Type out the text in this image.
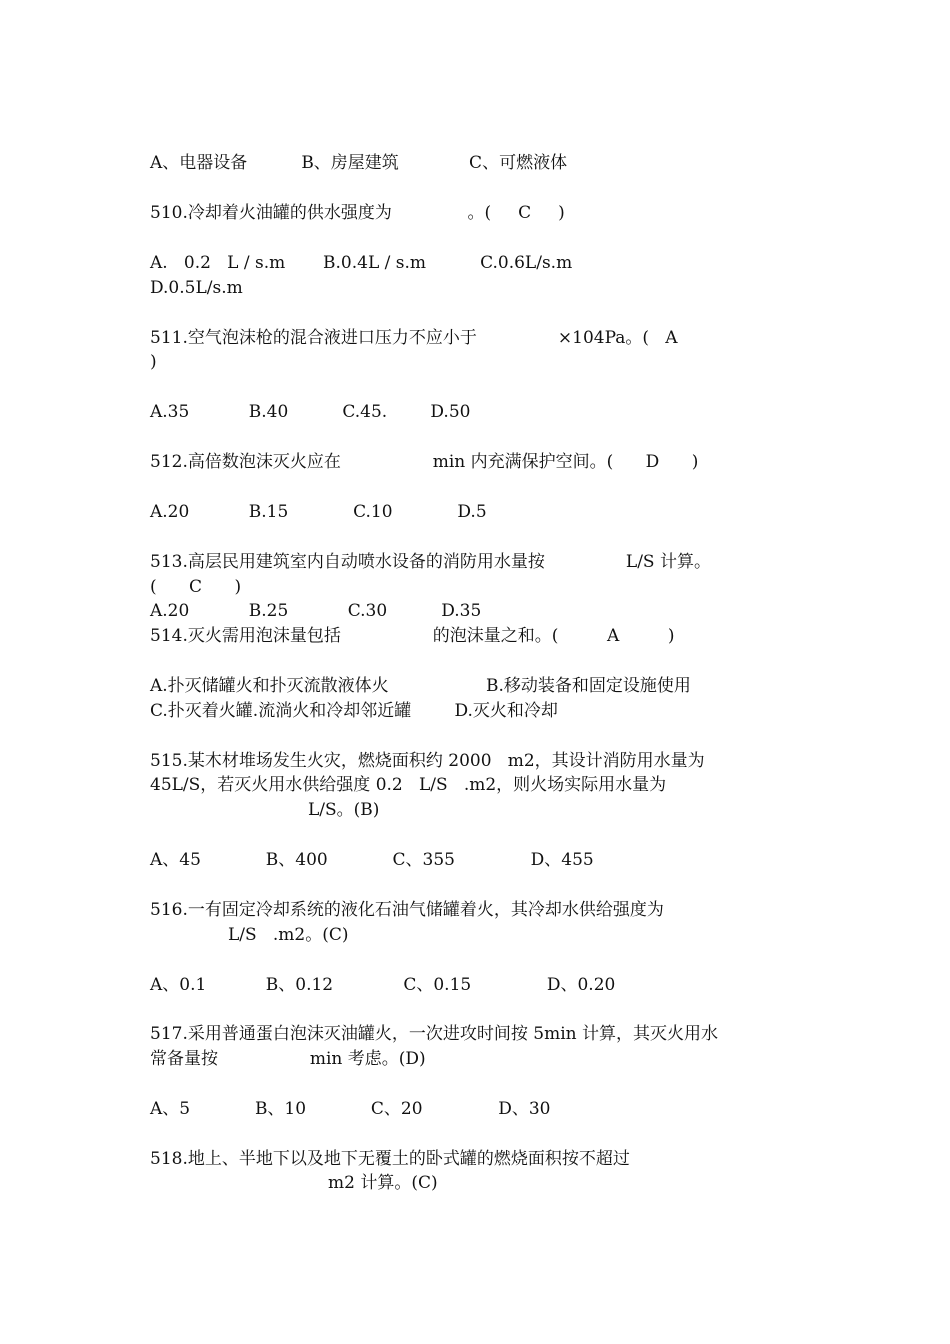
A、电器设备          B、房屋建筑             C、可燃液体
510.冷却着火油罐的供水强度为              。(     C     )
A.   0.2   L / s.m       B.0.4L / s.m          C.0.6L/s.m
D.0.5L/s.m
511.空气泡沫枪的混合液进口压力不应小于               ×104Pa。(   A
)
A.35           B.40          C.45.        D.50
512.高倍数泡沫灭火应在                 min 内充满保护空间。(      D      )
A.20           B.15            C.10            D.5
513.高层民用建筑室内自动喷水设备的消防用水量按               L/S 计算。
(      C      )
A.20           B.25           C.30          D.35
514.灭火需用泡沫量包括                 的泡沫量之和。(         A         )
A.扑灭储罐火和扑灭流散液体火                  B.移动装备和固定设施使用
C.扑灭着火罐.流淌火和冷却邻近罐        D.灭火和冷却
515.某木材堆场发生火灾，燃烧面积约 2000   m2，其设计消防用水量为
45L/S，若灭火用水供给强度 0.2   L/S   .m2，则火场实际用水量为
L/S。(B)
A、45            B、400            C、355              D、455
516.一有固定冷却系统的液化石油气储罐着火，其冷却水供给强度为
L/S   .m2。(C)
A、0.1           B、0.12             C、0.15              D、0.20
517.采用普通蛋白泡沫灭油罐火，一次进攻时间按 5min 计算，其灭火用水
常备量按                 min 考虑。(D)
A、5            B、10            C、20              D、30
518.地上、半地下以及地下无覆土的卧式罐的燃烧面积按不超过
m2 计算。(C)
